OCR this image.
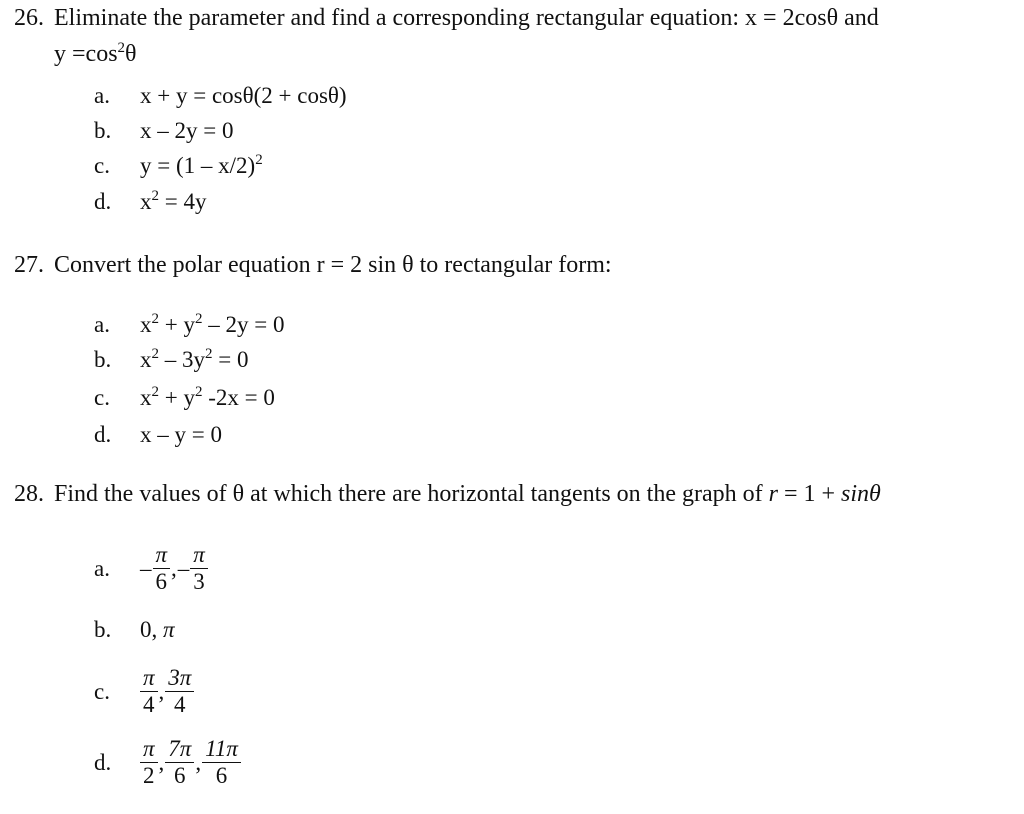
26. Eliminate the parameter and find a corresponding rectangular equation: x = 2cosθ and
$y =\cos^2\theta$
a. x + y = cosθ(2 + cosθ)
b. x – 2y = 0
c. y = (1 – x/2)$^2$
d. $x^2 = 4y$
27. Convert the polar equation r = 2 sin θ to rectangular form:
a. $x^2 + y^2 - 2y = 0$
b. $x^2 - 3y^2 = 0$
c. $x^2 + y^2$ -2x = 0
d. x – y = 0
28. Find the values of θ at which there are horizontal tangents on the graph of r = 1 + sinθ
a.	– $\frac{\pi}{6}$ ,– $\frac{\pi}{3}$
b. 0, π
c.	$\frac{\pi}{4}$ , $\frac{3\pi}{4}$
d.	$\frac{\pi}{2}$ , $\frac{7\pi}{6}$ , $\frac{11\pi}{6}$
